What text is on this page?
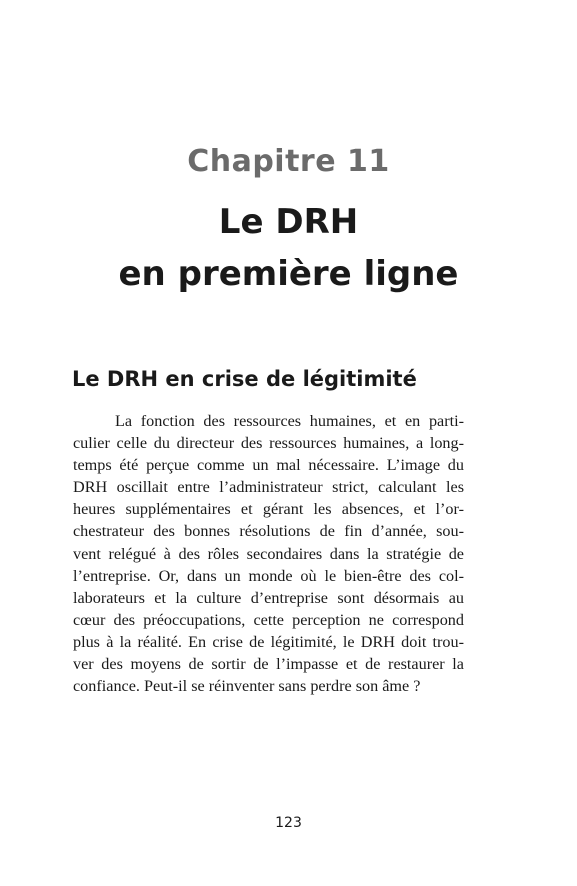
Chapitre 11
Le DRH
en première ligne
Le DRH en crise de légitimité
La fonction des ressources humaines, et en parti-
culier celle du directeur des ressources humaines, a long-
temps été perçue comme un mal nécessaire. L’image du
DRH oscillait entre l’administrateur strict, calculant les
heures supplémentaires et gérant les absences, et l’or-
chestrateur des bonnes résolutions de fin d’année, sou-
vent relégué à des rôles secondaires dans la stratégie de
l’entreprise. Or, dans un monde où le bien-être des col-
laborateurs et la culture d’entreprise sont désormais au
cœur des préoccupations, cette perception ne correspond
plus à la réalité. En crise de légitimité, le DRH doit trou-
ver des moyens de sortir de l’impasse et de restaurer la
confiance. Peut-il se réinventer sans perdre son âme ?
123
